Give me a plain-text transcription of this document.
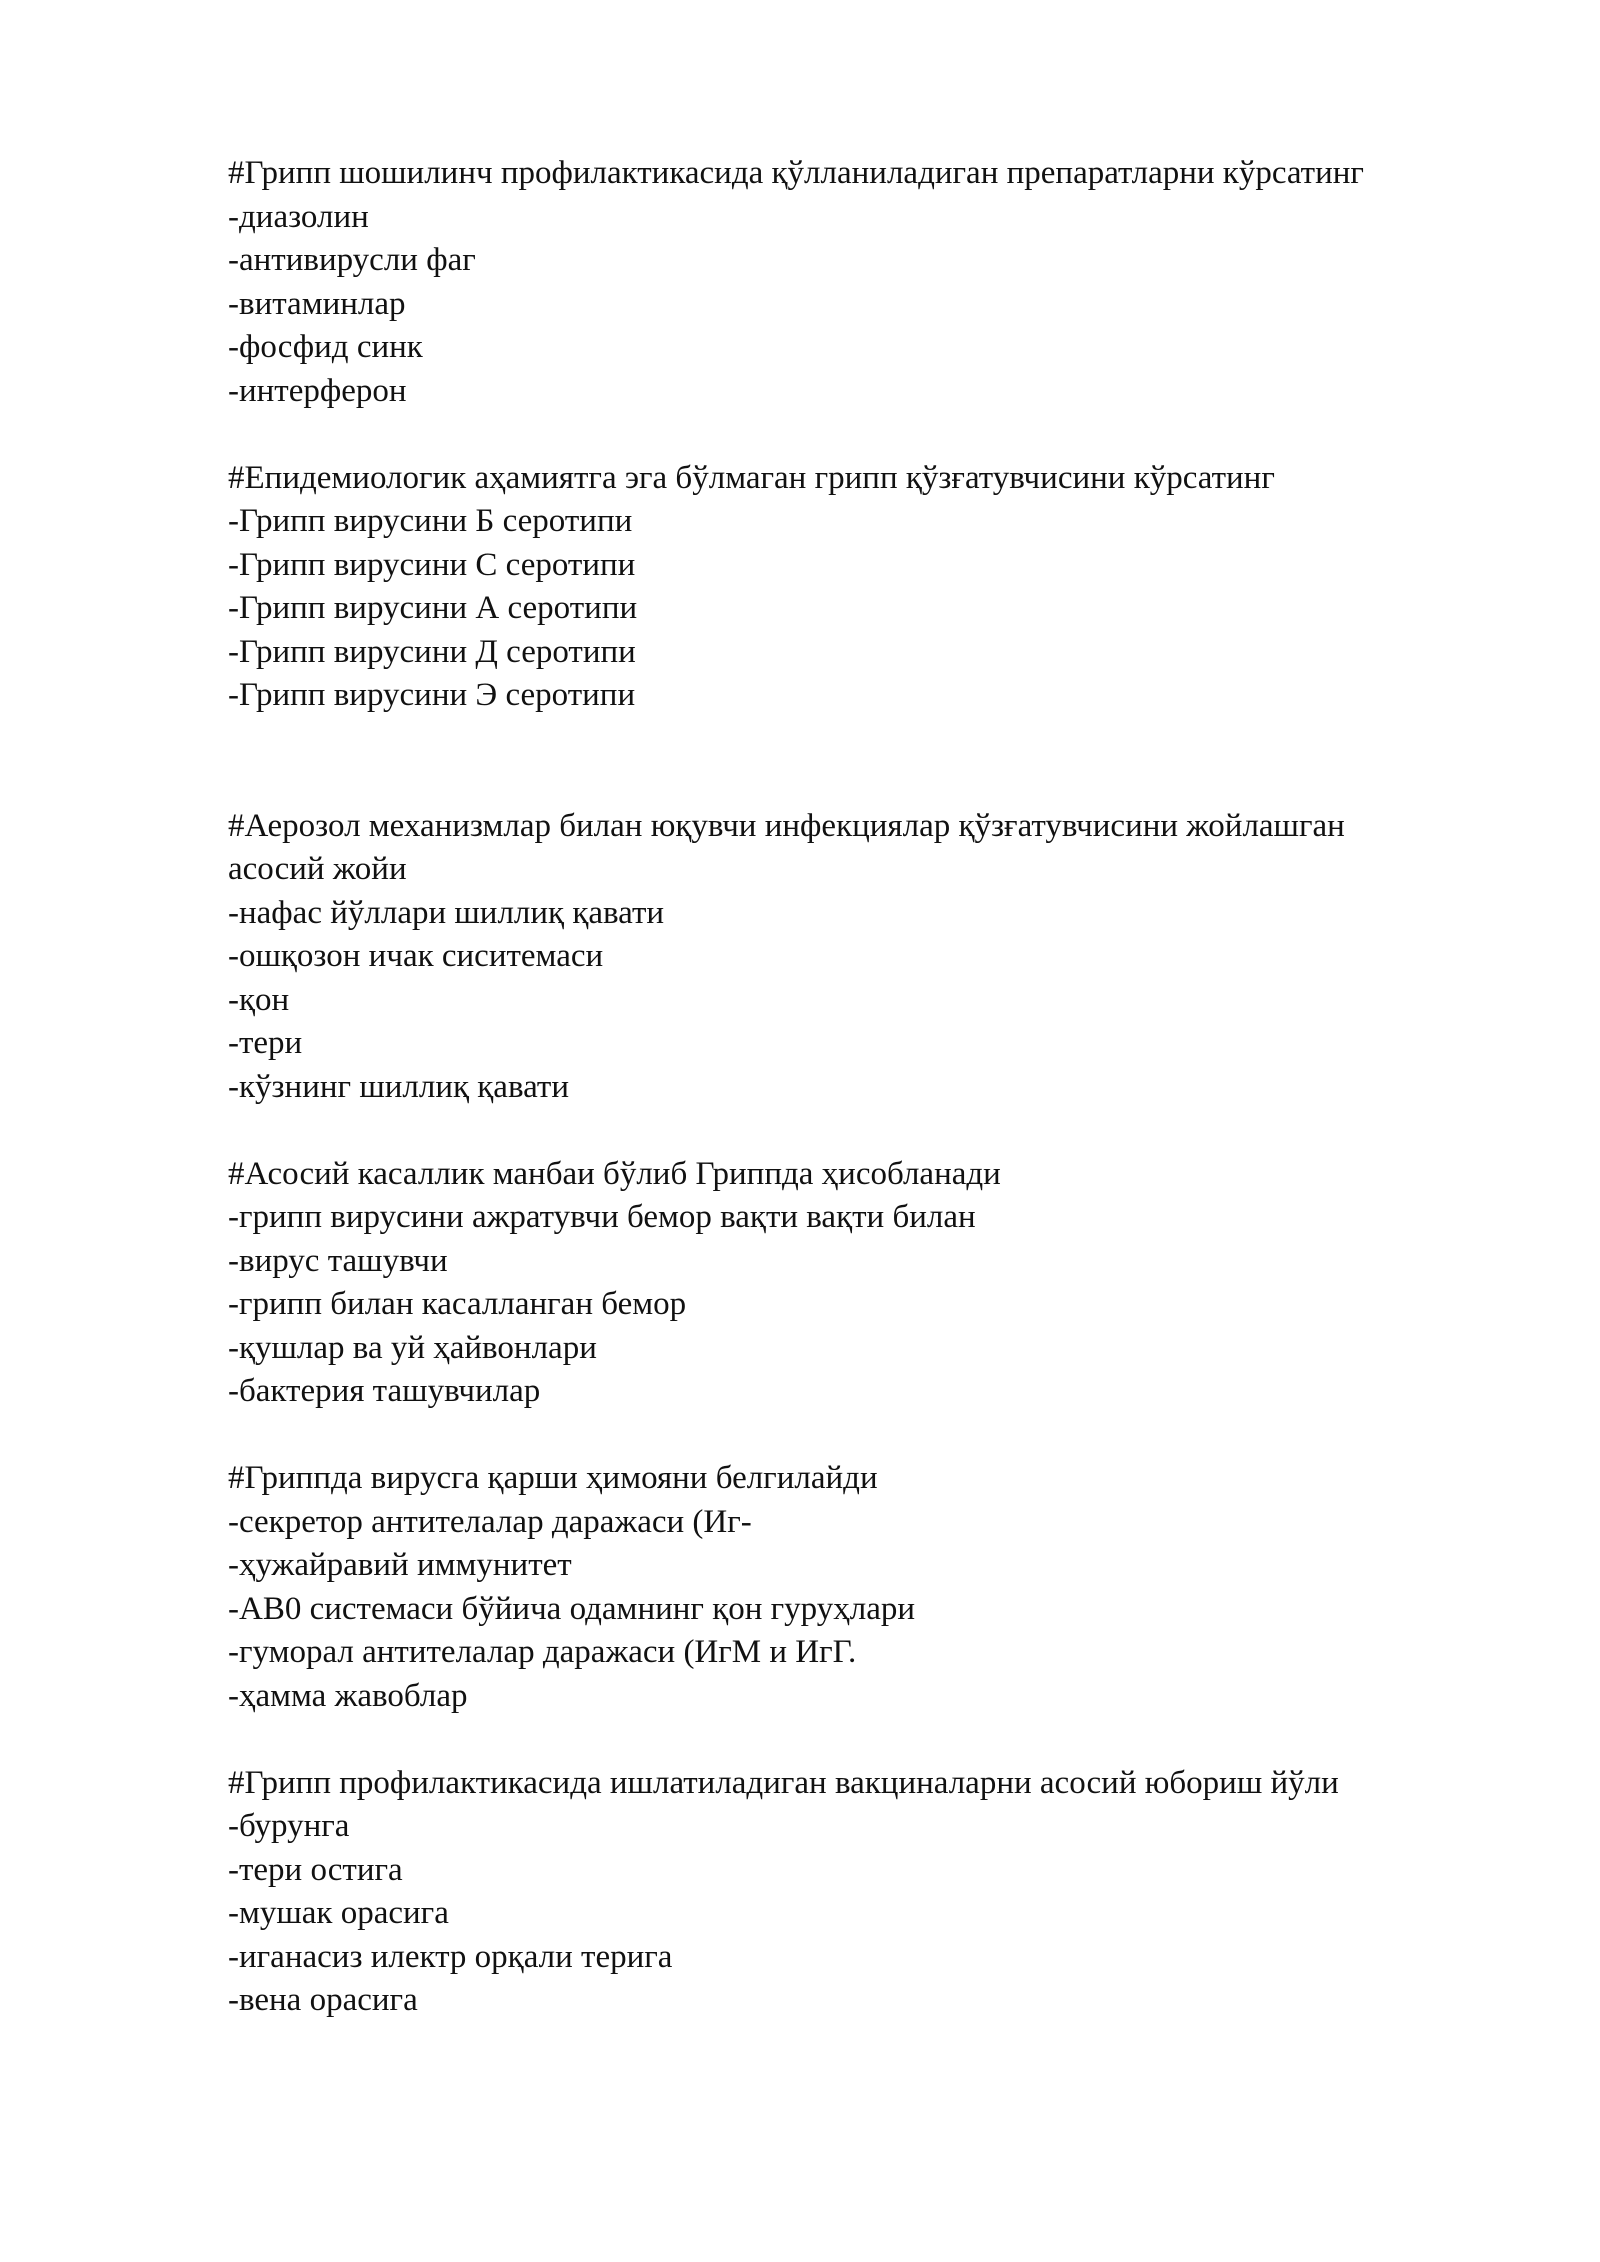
#Грипп шошилинч профилактикасида қўлланиладиган препаратларни кўрсатинг
-диазолин
-антивирусли фаг
-витаминлар
-фосфид синк
-интерферон
#Епидемиологик аҳамиятга эга бўлмаган грипп қўзғатувчисини кўрсатинг
-Грипп вирусини Б серотипи
-Грипп вирусини С серотипи
-Грипп вирусини А серотипи
-Грипп вирусини Д серотипи
-Грипп вирусини Э серотипи
#Аерозол механизмлар билан юқувчи инфекциялар қўзғатувчисини жойлашган асосий жойи
-нафас йўллари шиллиқ қавати
-ошқозон ичак сиситемаси
-қон
-тери
-кўзнинг шиллиқ қавати
#Асосий касаллик манбаи бўлиб Гриппда ҳисобланади
-грипп вирусини ажратувчи бемор вақти вақти билан
-вирус ташувчи
-грипп билан касалланган бемор
-қушлар ва уй ҳайвонлари
-бактерия ташувчилар
#Гриппда вирусга қарши ҳимояни белгилайди
-секретор антителалар даражаси (Иг-
-ҳужайравий иммунитет
-АВ0 системаси бўйича одамнинг қон гуруҳлари
-гуморал антителалар даражаси (ИгМ и ИгГ.
-ҳамма жавоблар
#Грипп профилактикасида ишлатиладиган вакциналарни асосий юбориш йўли
-бурунга
-тери остига
-мушак орасига
-иганасиз илектр орқали терига
-вена орасига
